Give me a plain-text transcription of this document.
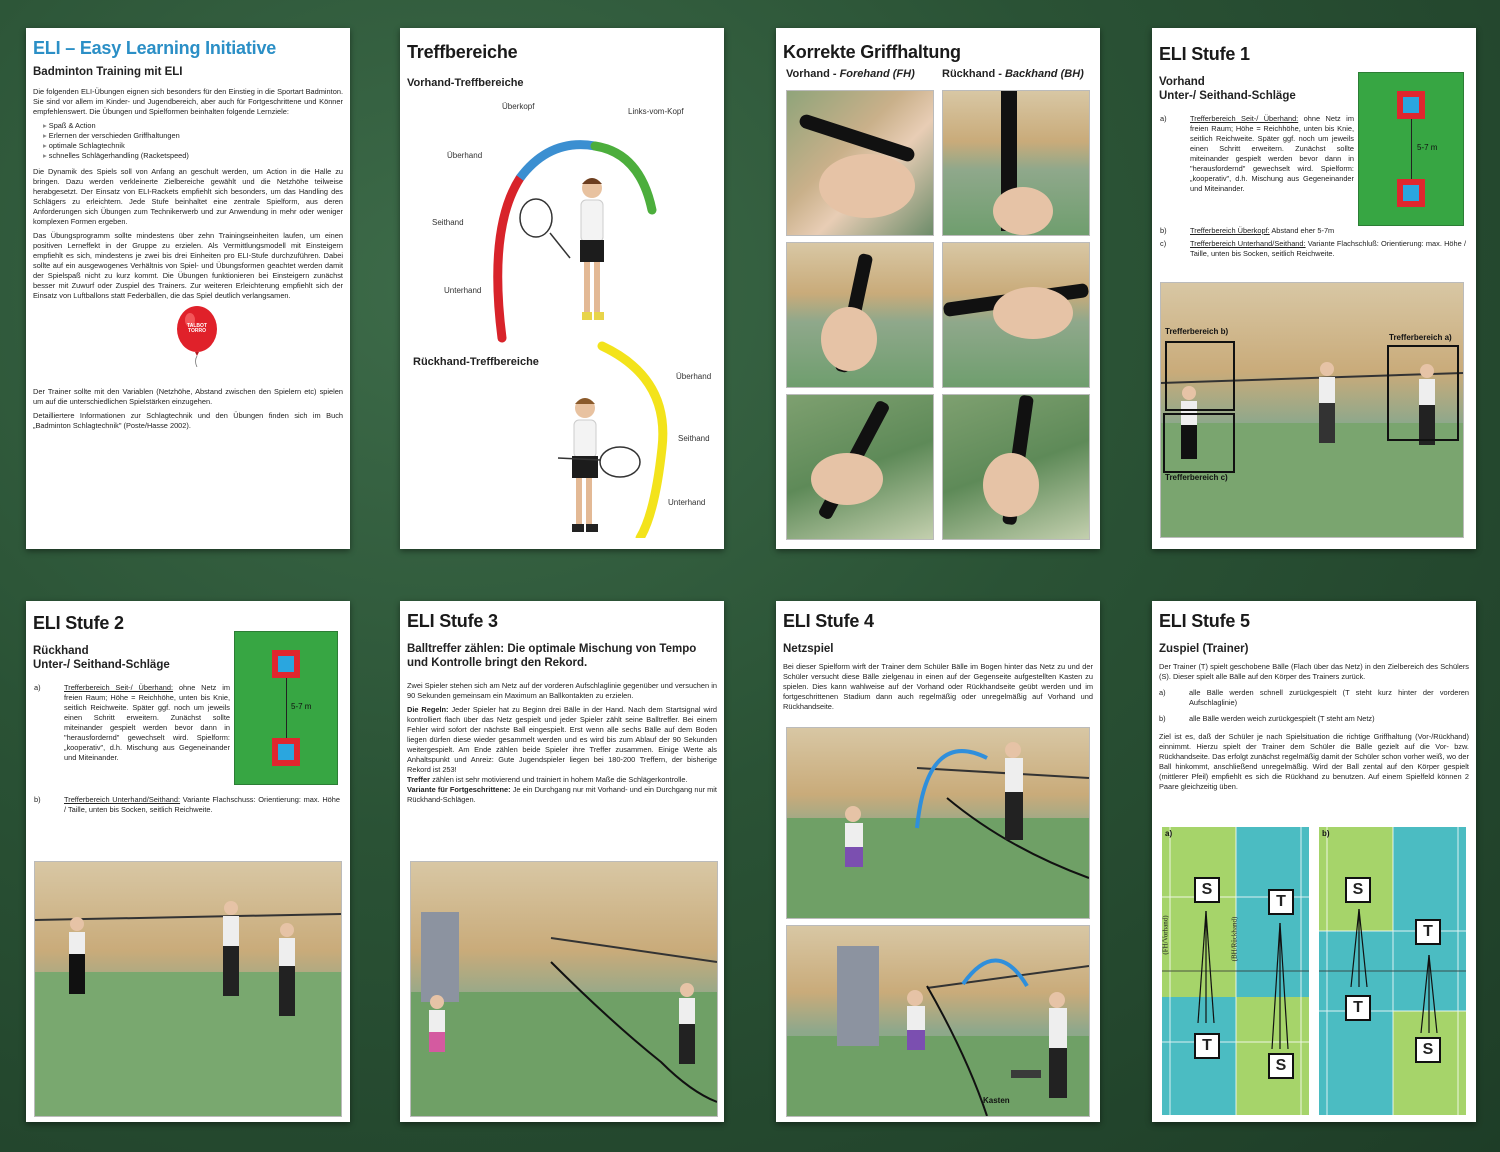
ELI – Easy Learning Initiative
Badminton Training mit ELI

Die folgenden ELI-Übungen eignen sich besonders für den Einstieg in die Sportart Badminton. Sie sind vor allem im Kinder- und Jugendbereich, aber auch für Fortgeschrittene und Könner empfehlenswert. Die Übungen und Spielformen beinhalten folgende Lernziele:

▸ Spaß & Action
▸ Erlernen der verschieden Griffhaltungen
▸ optimale Schlagtechnik
▸ schnelles Schlägerhandling (Racketspeed)

Die Dynamik des Spiels soll von Anfang an geschult werden, um Action in die Halle zu bringen. Dazu werden verkleinerte Zielbereiche gewählt und die Netzhöhe teilweise herabgesetzt. Der Einsatz von ELI-Rackets empfiehlt sich besonders, um das Handling des Schlägers zu erleichtern. Jede Stufe beinhaltet eine zentrale Spielform, aus deren Anforderungen sich Übungen zum Technikerwerb und zur Anwendung in mehr oder weniger komplexen Formen ergeben.

Das Übungsprogramm sollte mindestens über zehn Trainingseinheiten laufen, um einen positiven Lerneffekt in der Gruppe zu erzielen. Als Vermittlungsmodell mit Einsteigern empfiehlt es sich, mindestens je zwei bis drei Einheiten pro ELI-Stufe durchzuführen. Dabei sollte auf ein ausgewogenes Verhältnis von Spiel- und Übungsformen geachtet werden damit der Spielspaß nicht zu kurz kommt. Die Übungen funktionieren bei Einsteigern zunächst besser mit Zuwurf oder Zuspiel des Trainers. Zur weiteren Erleichterung empfiehlt sich der Einsatz von Luftballons statt Federbällen, die das Spiel deutlich verlangsamen.

TALBOT TORRO

Der Trainer sollte mit den Variablen (Netzhöhe, Abstand zwischen den Spielern etc) spielen um auf die unterschiedlichen Spielstärken einzugehen.

Detailliertere Informationen zur Schlagtechnik und den Übungen finden sich im Buch „Badminton Schlagtechnik" (Poste/Hasse 2002).

Treffbereiche
Vorhand-Treffbereiche
Überkopf
Links-vom-Kopf
Überhand
Seithand
Unterhand
Rückhand-Treffbereiche
Überhand
Seithand
Unterhand
Korrekte Griffhaltung
Vorhand - Forehand (FH) Rückhand - Backhand (BH)
ELI Stufe 1
Vorhand
Unter-/ Seithand-Schläge
5-7 m
a)	Trefferbereich Seit-/ Überhand: ohne Netz im freien Raum; Höhe = Reichhöhe, unten bis Knie, seitlich Reichweite. Später ggf. noch um jeweils einen Schritt erweitern. Zunächst sollte miteinander gespielt werden bevor dann in "herausfordernd" gewechselt wird. Spielform: „kooperativ", d.h. Mischung aus Gegeneinander und Miteinander.
b)	Trefferbereich Überkopf: Abstand eher 5-7m
c)	Trefferbereich Unterhand/Seithand: Variante Flachschluß: Orientierung: max. Höhe / Taille, unten bis Socken, seitlich Reichweite.
Trefferbereich b)
Trefferbereich a)
Trefferbereich c)
ELI Stufe 2
Rückhand
Unter-/ Seithand-Schläge
5-7 m
a)	Trefferbereich Seit-/ Überhand: ohne Netz im freien Raum; Höhe = Reichhöhe, unten bis Knie, seitlich Reichweite. Später ggf. noch um jeweils einen Schritt erweitern. Zunächst sollte miteinander gespielt werden bevor dann in "herausfordernd" gewechselt wird. Spielform: „kooperativ", d.h. Mischung aus Gegeneinander und Miteinander.
b)	Trefferbereich Unterhand/Seithand: Variante Flachschuss: Orientierung: max. Höhe / Taille, unten bis Socken, seitlich Reichweite.
ELI Stufe 3
Balltreffer zählen: Die optimale Mischung von Tempo und Kontrolle bringt den Rekord.

Zwei Spieler stehen sich am Netz auf der vorderen Aufschlaglinie gegenüber und versuchen in 90 Sekunden gemeinsam ein Maximum an Ballkontakten zu erzielen.

Die Regeln: Jeder Spieler hat zu Beginn drei Bälle in der Hand. Nach dem Startsignal wird kontrolliert flach über das Netz gespielt und jeder Spieler zählt seine Balltreffer. Bei einem Fehler wird sofort der nächste Ball eingespielt. Erst wenn alle sechs Bälle auf dem Boden liegen dürfen diese wieder gesammelt werden und es wird bis zum Ablauf der 90 Sekunden weitergespielt. Am Ende zählen beide Spieler ihre Treffer zusammen. Einige Werte als Anhaltspunkt und Anreiz: Gute Jugendspieler liegen bei 180-200 Treffern, der bisherige Rekord ist 253!
Treffer zählen ist sehr motivierend und trainiert in hohem Maße die Schlägerkontrolle.
Variante für Fortgeschrittene: Je ein Durchgang nur mit Vorhand- und ein Durchgang nur mit Rückhand-Schlägen.

ELI Stufe 4
Netzspiel

Bei dieser Spielform wirft der Trainer dem Schüler Bälle im Bogen hinter das Netz zu und der Schüler versucht diese Bälle zielgenau in einen auf der Gegenseite aufgestellten Kasten zu spielen. Dies kann wahlweise auf der Vorhand oder Rückhandseite geübt werden und im fortgeschrittenen Stadium dann auch regelmäßig oder unregelmäßig auf Vorhand und Rückhandseite.

Kasten
ELI Stufe 5
Zuspiel (Trainer)

Der Trainer (T) spielt geschobene Bälle (Flach über das Netz) in den Zielbereich des Schülers (S). Dieser spielt alle Bälle auf den Körper des Trainers zurück.

a)	alle Bälle werden schnell zurückgespielt (T steht kurz hinter der vorderen Aufschlaglinie)
b)	alle Bälle werden weich zurückgespielt (T steht am Netz)

Ziel ist es, daß der Schüler je nach Spielsituation die richtige Griffhaltung (Vor-/Rückhand) einnimmt. Hierzu spielt der Trainer dem Schüler die Bälle gezielt auf die Vor- bzw. Rückhandseite. Das erfolgt zunächst regelmäßig damit der Schüler schon vorher weiß, wo der Ball hinkommt, anschließend unregelmäßig. Wird der Ball zental auf den Körper gespielt (mittlerer Pfeil) empfiehlt es sich die Rückhand zu benutzen. Auf einem Spielfeld können 2 Paare gleichzeitig üben.

a)
S
T
T
S
(FH/Vorhand)	(BH/Rückhand)
b)
S
T
T
S
